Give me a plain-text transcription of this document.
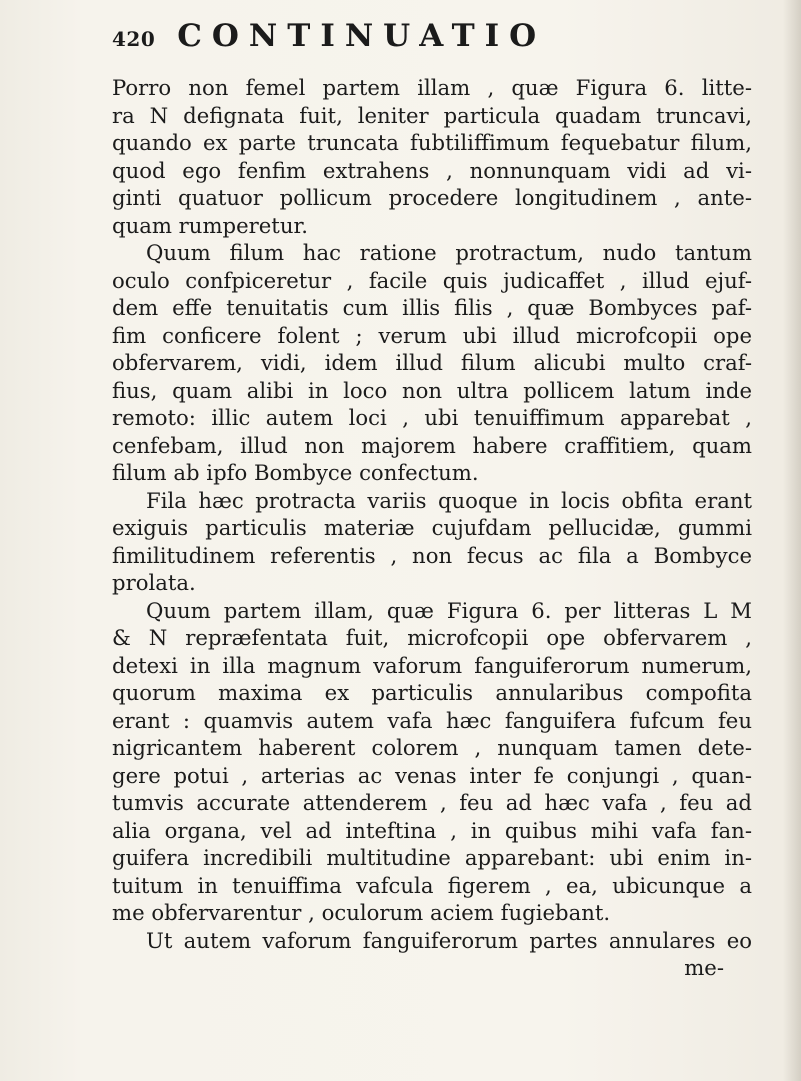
420 CONTINUATIO
Porro non femel partem illam , quæ Figura 6. litte-
ra N defignata fuit, leniter particula quadam truncavi,
quando ex parte truncata fubtiliffimum fequebatur filum,
quod ego fenfim extrahens , nonnunquam vidi ad vi-
ginti quatuor pollicum procedere longitudinem , ante-
quam rumperetur.
Quum filum hac ratione protractum, nudo tantum
oculo confpiceretur , facile quis judicaffet , illud ejuf-
dem effe tenuitatis cum illis filis , quæ Bombyces paf-
fim conficere folent ; verum ubi illud microfcopii ope
obfervarem, vidi, idem illud filum alicubi multo craf-
fius, quam alibi in loco non ultra pollicem latum inde
remoto: illic autem loci , ubi tenuiffimum apparebat ,
cenfebam, illud non majorem habere craffitiem, quam
filum ab ipfo Bombyce confectum.
Fila hæc protracta variis quoque in locis obfita erant
exiguis particulis materiæ cujufdam pellucidæ, gummi
fimilitudinem referentis , non fecus ac fila a Bombyce
prolata.
Quum partem illam, quæ Figura 6. per litteras L M
& N repræfentata fuit, microfcopii ope obfervarem ,
detexi in illa magnum vaforum fanguiferorum numerum,
quorum maxima ex particulis annularibus compofita
erant : quamvis autem vafa hæc fanguifera fufcum feu
nigricantem haberent colorem , nunquam tamen dete-
gere potui , arterias ac venas inter fe conjungi , quan-
tumvis accurate attenderem , feu ad hæc vafa , feu ad
alia organa, vel ad inteftina , in quibus mihi vafa fan-
guifera incredibili multitudine apparebant: ubi enim in-
tuitum in tenuiffima vafcula figerem , ea, ubicunque a
me obfervarentur , oculorum aciem fugiebant.
Ut autem vaforum fanguiferorum partes annulares eo
me-
